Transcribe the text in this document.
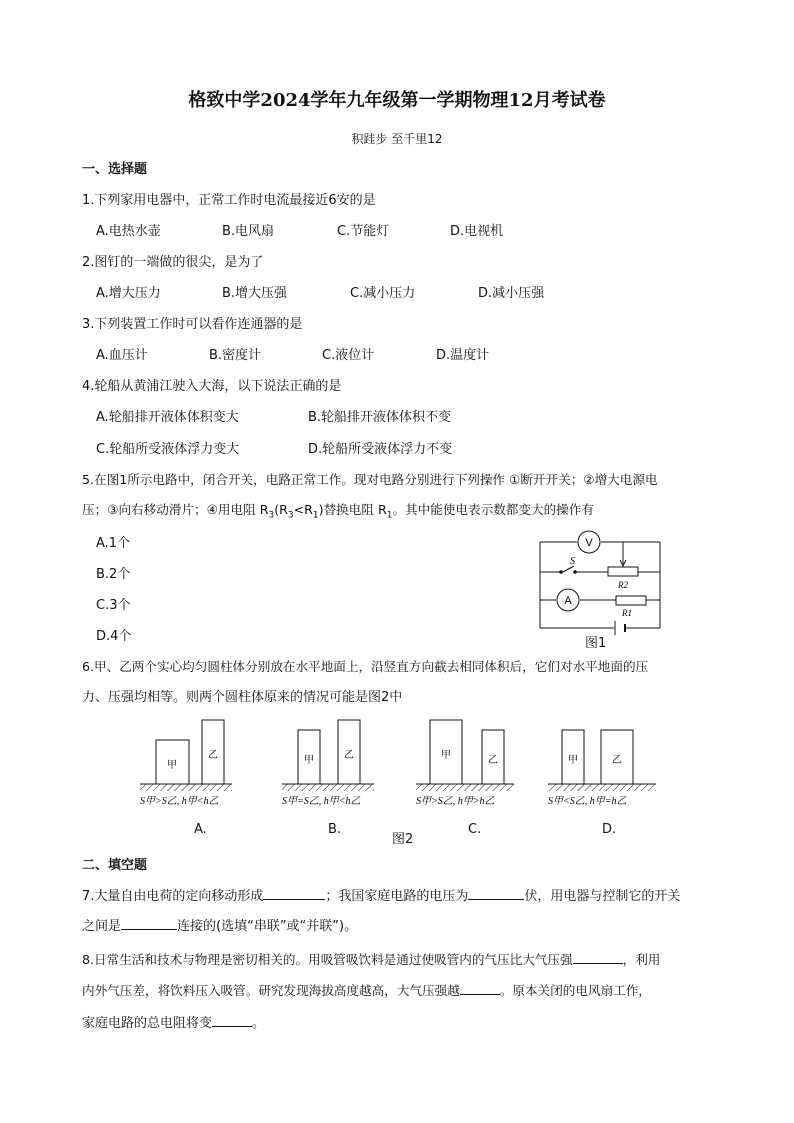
格致中学2024学年九年级第一学期物理12月考试卷
积跬步 至千里12
一、选择题
1.下列家用电器中，正常工作时电流最接近6安的是
A.电热水壶	B.电风扇	C.节能灯	D.电视机
2.图钉的一端做的很尖，是为了
A.增大压力	B.增大压强	C.减小压力	D.减小压强
3.下列装置工作时可以看作连通器的是
A.血压计	B.密度计	C.液位计	D.温度计
4.轮船从黄浦江驶入大海，以下说法正确的是
A.轮船排开液体体积变大	B.轮船排开液体体积不变
C.轮船所受液体浮力变大	D.轮船所受液体浮力不变
5.在图1所示电路中，闭合开关，电路正常工作。现对电路分别进行下列操作 ①断开开关；②增大电源电
压；③向右移动滑片；④用电阻 $R_3(R_3<R_1)$替换电阻 $R_1$。其中能使电表示数都变大的操作有
A.1个
B.2个
C.3个
D.4个
V
A
S
R2
R1
图1
6.甲、乙两个实心均匀圆柱体分别放在水平地面上，沿竖直方向截去相同体积后，它们对水平地面的压
力、压强均相等。则两个圆柱体原来的情况可能是图2中
甲
乙
S甲>S乙, h甲<h乙
甲	乙
S甲=S乙, h甲<h乙
甲	乙
S甲>S乙, h甲>h乙
甲	乙
S甲<S乙, h甲=h乙
A.	B.
图2
C.	D.
二、填空题
7.大量自由电荷的定向移动形成	；我国家庭电路的电压为	伏，用电器与控制它的开关
之间是	连接的(选填“串联”或“并联”)。
8.日常生活和技术与物理是密切相关的。用吸管吸饮料是通过使吸管内的气压比大气压强	，利用
内外气压差，将饮料压入吸管。研究发现海拔高度越高，大气压强越	。原本关闭的电风扇工作，
家庭电路的总电阻将变	。
